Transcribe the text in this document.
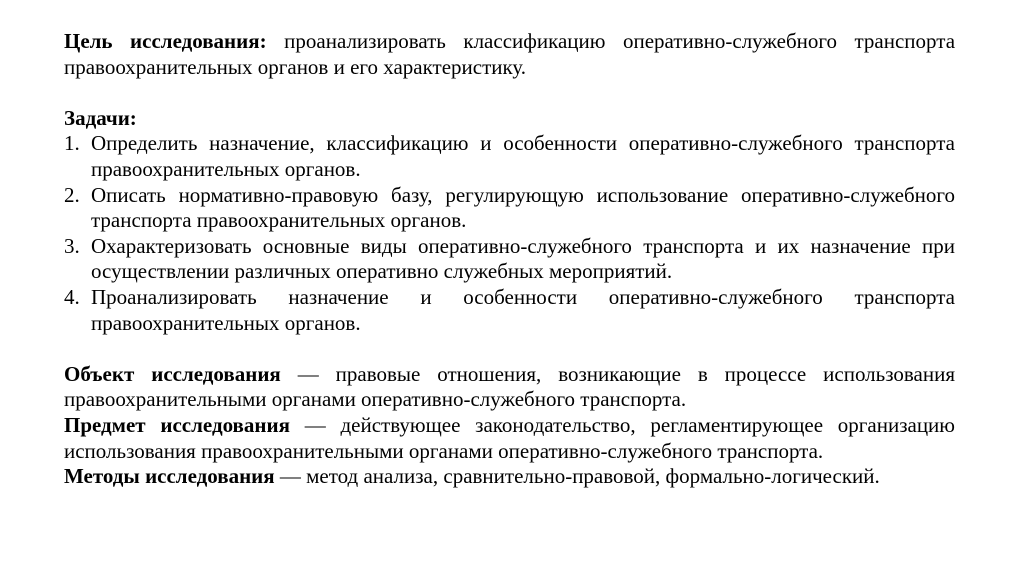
Цель исследования: проанализировать классификацию оперативно-служебного транспорта правоохранительных органов и его характеристику.

Задачи:

1. Определить назначение, классификацию и особенности оперативно-служебного транспорта правоохранительных органов.
2. Описать нормативно-правовую базу, регулирующую использование оперативно-служебного транспорта правоохранительных органов.
3. Охарактеризовать основные виды оперативно-служебного транспорта и их назначение при осуществлении различных оперативно служебных мероприятий.
4. Проанализировать назначение и особенности оперативно-служебного транспорта правоохранительных органов.

Объект исследования — правовые отношения, возникающие в процессе использования правоохранительными органами оперативно-служебного транспорта.

Предмет исследования — действующее законодательство, регламентирующее организацию использования правоохранительными органами оперативно-служебного транспорта.

Методы исследования — метод анализа, сравнительно-правовой, формально-логический.
